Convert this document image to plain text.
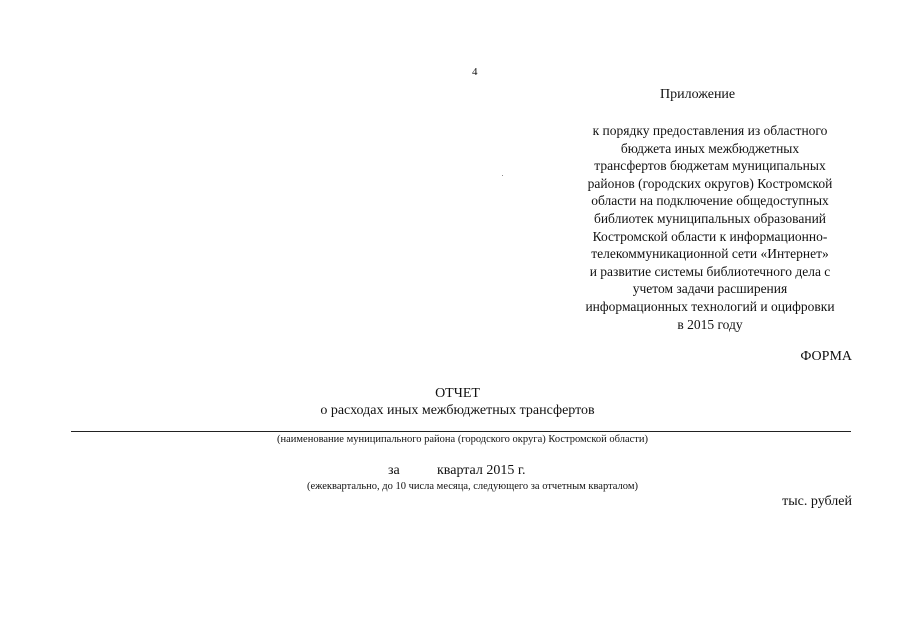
4
Приложение
к порядку предоставления из областного
бюджета иных межбюджетных
трансфертов бюджетам муниципальных
районов (городских округов) Костромской
области на подключение общедоступных
библиотек муниципальных образований
Костромской области к информационно-
телекоммуникационной сети «Интернет»
и развитие системы библиотечного дела с
учетом задачи расширения
информационных технологий и оцифровки
в 2015 году
ФОРМА
ОТЧЕТ
о расходах иных межбюджетных трансфертов
(наименование муниципального района (городского округа) Костромской области)
за	квартал 2015 г.
(ежеквартально, до 10 числа месяца, следующего за отчетным кварталом)
тыс. рублей
